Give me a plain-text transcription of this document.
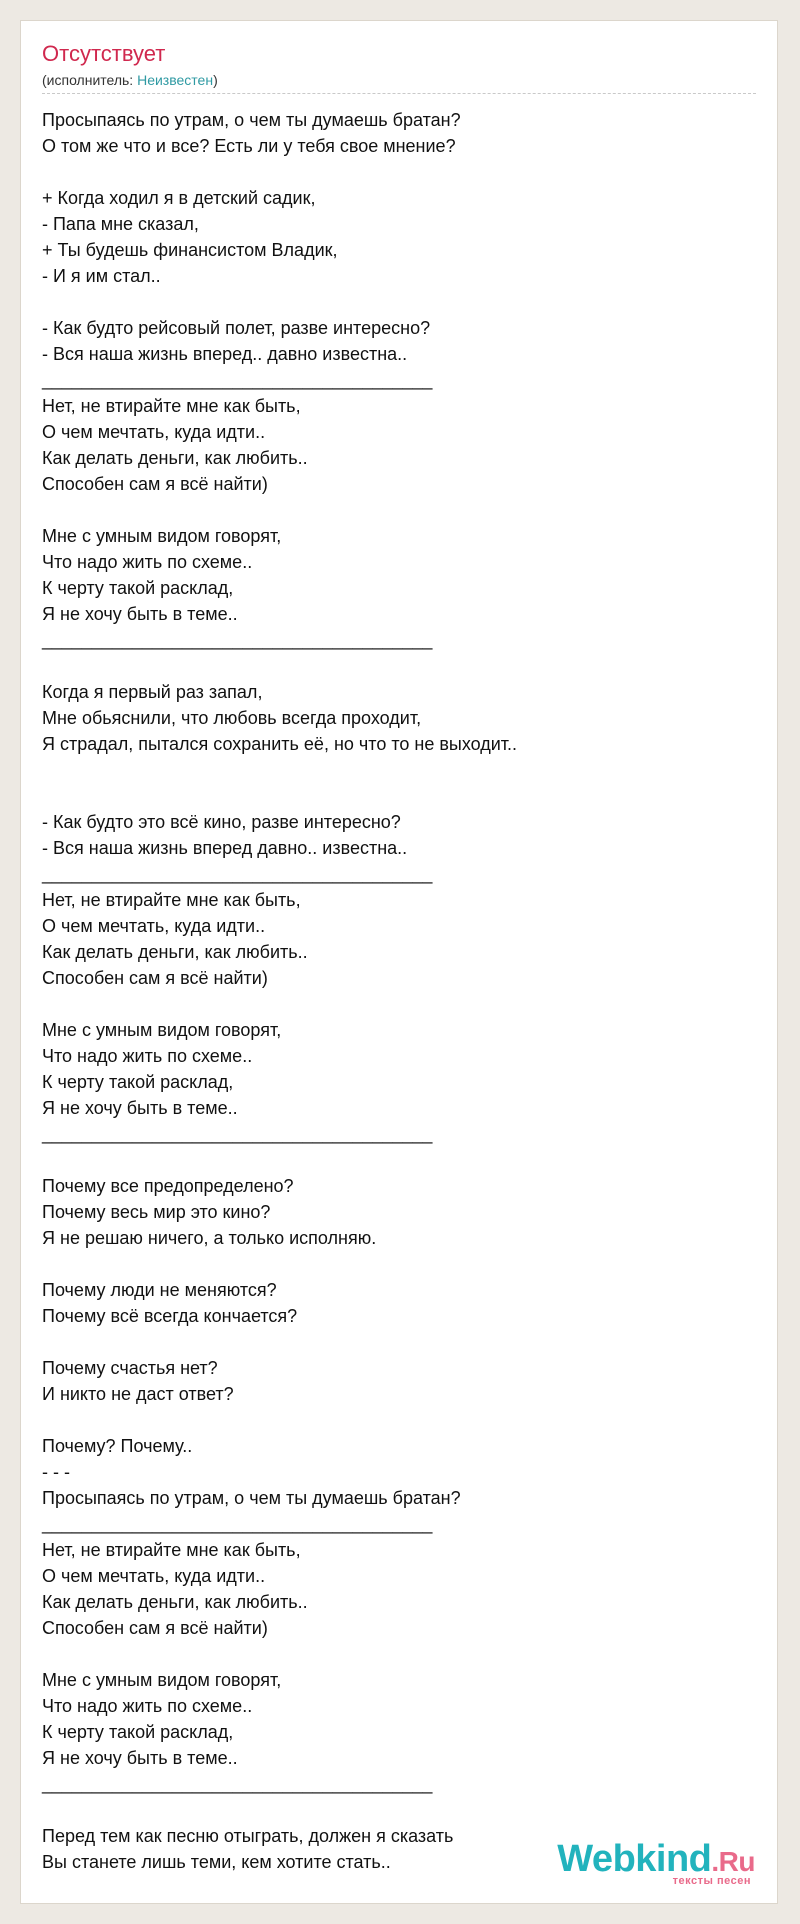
Отсутствует
(исполнитель: Неизвестен)
Просыпаясь по утрам, о чем ты думаешь братан?
О том же что и все? Есть ли у тебя свое мнение?
+ Когда ходил я в детский садик,
- Папа мне сказал,
+ Ты будешь финансистом Владик,
- И я им стал..
- Как будто рейсовый полет, разве интересно?
- Вся наша жизнь вперед.. давно известна..
_______________________________________
Нет, не втирайте мне как быть,
О чем мечтать, куда идти..
Как делать деньги, как любить..
Способен сам я всё найти)
Мне с умным видом говорят,
Что надо жить по схеме..
К черту такой расклад,
Я не хочу быть в теме..
_______________________________________
Когда я первый раз запал,
Мне обьяснили, что любовь всегда проходит,
Я страдал, пытался сохранить её, но что то не выходит..
- Как будто это всё кино, разве интересно?
- Вся наша жизнь вперед давно.. известна..
_______________________________________
Нет, не втирайте мне как быть,
О чем мечтать, куда идти..
Как делать деньги, как любить..
Способен сам я всё найти)
Мне с умным видом говорят,
Что надо жить по схеме..
К черту такой расклад,
Я не хочу быть в теме..
_______________________________________
Почему все предопределено?
Почему весь мир это кино?
Я не решаю ничего, а только исполняю.
Почему люди не меняются?
Почему всё всегда кончается?
Почему счастья нет?
И никто не даст ответ?
Почему? Почему..
- - -
Просыпаясь по утрам, о чем ты думаешь братан?
_______________________________________
Нет, не втирайте мне как быть,
О чем мечтать, куда идти..
Как делать деньги, как любить..
Способен сам я всё найти)
Мне с умным видом говорят,
Что надо жить по схеме..
К черту такой расклад,
Я не хочу быть в теме..
_______________________________________
Перед тем как песню отыграть, должен я сказать
Вы станете лишь теми, кем хотите стать..	Webkind.Ru
тексты песен
